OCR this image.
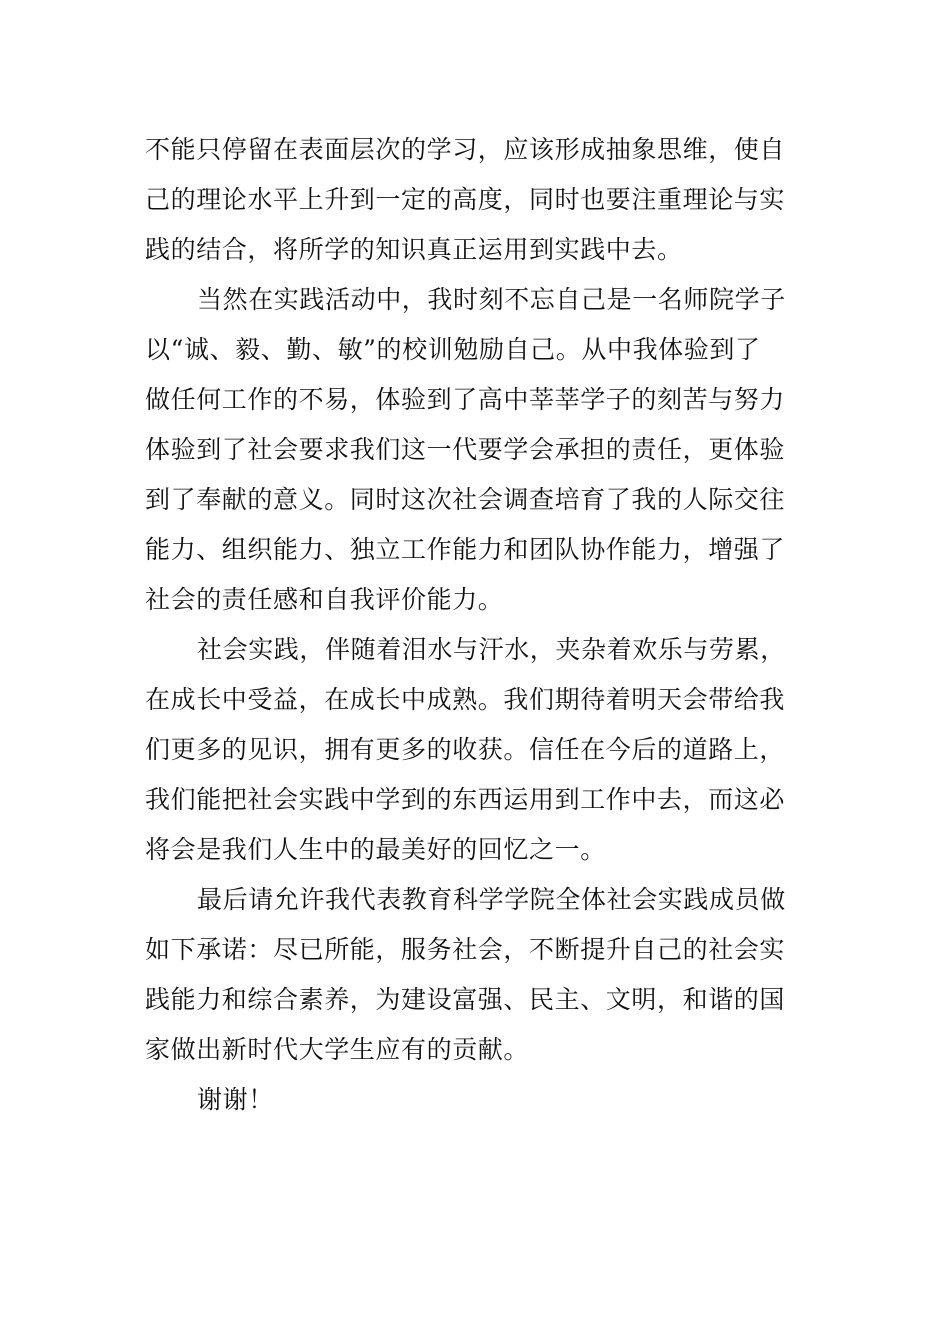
不能只停留在表面层次的学习，应该形成抽象思维，使自

己的理论水平上升到一定的高度，同时也要注重理论与实

践的结合，将所学的知识真正运用到实践中去。

当然在实践活动中，我时刻不忘自己是一名师院学子

以“诚、毅、勤、敏”的校训勉励自己。从中我体验到了

做任何工作的不易，体验到了高中莘莘学子的刻苦与努力

体验到了社会要求我们这一代要学会承担的责任，更体验

到了奉献的意义。同时这次社会调查培育了我的人际交往

能力、组织能力、独立工作能力和团队协作能力，增强了

社会的责任感和自我评价能力。

社会实践，伴随着泪水与汗水，夹杂着欢乐与劳累，

在成长中受益，在成长中成熟。我们期待着明天会带给我

们更多的见识，拥有更多的收获。信任在今后的道路上，

我们能把社会实践中学到的东西运用到工作中去，而这必

将会是我们人生中的最美好的回忆之一。

最后请允许我代表教育科学学院全体社会实践成员做

如下承诺：尽已所能，服务社会，不断提升自己的社会实

践能力和综合素养，为建设富强、民主、文明，和谐的国

家做出新时代大学生应有的贡献。

谢谢！
